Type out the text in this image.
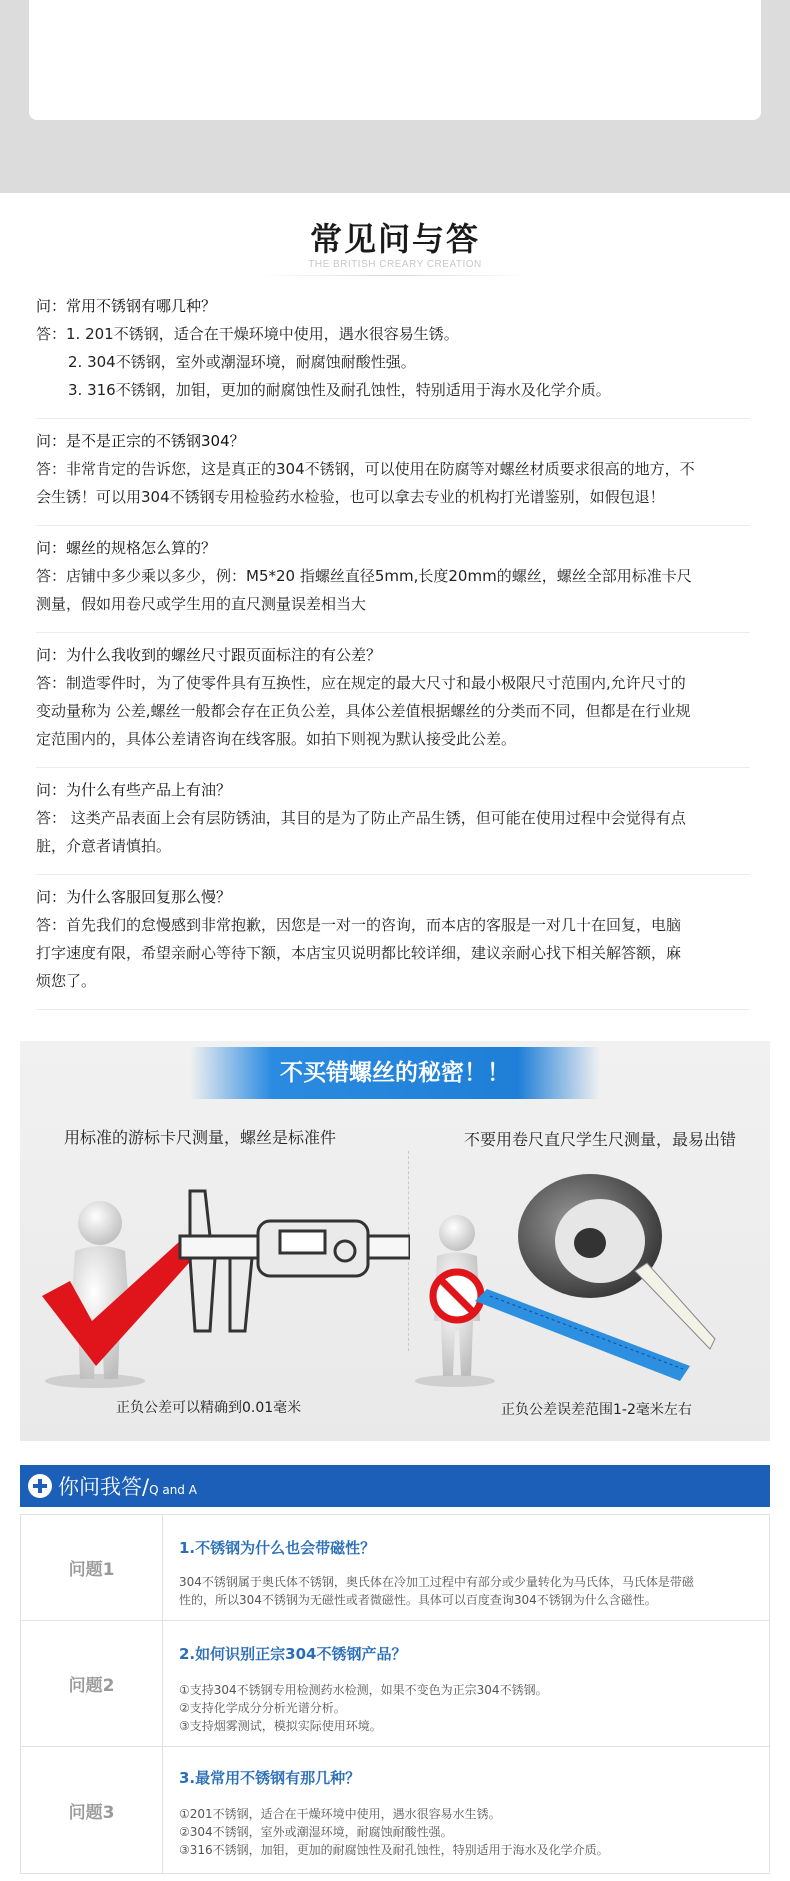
常见问与答
THE BRITISH CREARY CREATION

问：常用不锈钢有哪几种？

答：1. 201不锈钢，适合在干燥环境中使用，遇水很容易生锈。

2. 304不锈钢，室外或潮湿环境，耐腐蚀耐酸性强。

3. 316不锈钢，加钼，更加的耐腐蚀性及耐孔蚀性，特别适用于海水及化学介质。

问：是不是正宗的不锈钢304？

答：非常肯定的告诉您，这是真正的304不锈钢，可以使用在防腐等对螺丝材质要求很高的地方，不

会生锈！可以用304不锈钢专用检验药水检验，也可以拿去专业的机构打光谱鉴别，如假包退！

问：螺丝的规格怎么算的？

答：店铺中多少乘以多少，例：M5*20 指螺丝直径5mm,长度20mm的螺丝，螺丝全部用标准卡尺

测量，假如用卷尺或学生用的直尺测量误差相当大

问：为什么我收到的螺丝尺寸跟页面标注的有公差？

答：制造零件时，为了使零件具有互换性，应在规定的最大尺寸和最小极限尺寸范围内,允许尺寸的

变动量称为 公差,螺丝一般都会存在正负公差，具体公差值根据螺丝的分类而不同，但都是在行业规

定范围内的，具体公差请咨询在线客服。如拍下则视为默认接受此公差。

问：为什么有些产品上有油？

答： 这类产品表面上会有层防锈油，其目的是为了防止产品生锈，但可能在使用过程中会觉得有点

脏，介意者请慎拍。

问：为什么客服回复那么慢？

答：首先我们的怠慢感到非常抱歉，因您是一对一的咨询，而本店的客服是一对几十在回复，电脑

打字速度有限，希望亲耐心等待下额，本店宝贝说明都比较详细，建议亲耐心找下相关解答额，麻

烦您了。

不买错螺丝的秘密！！
用标准的游标卡尺测量，螺丝是标准件	不要用卷尺直尺学生尺测量，最易出错
正负公差可以精确到0.01毫米	正负公差误差范围1-2毫米左右
你问我答/Q and A
问题1
1.不锈钢为什么也会带磁性？
304不锈钢属于奥氏体不锈钢，奥氏体在冷加工过程中有部分或少量转化为马氏体，马氏体是带磁
性的，所以304不锈钢为无磁性或者微磁性。具体可以百度查询304不锈钢为什么含磁性。
问题2
2.如何识别正宗304不锈钢产品？
①支持304不锈钢专用检测药水检测，如果不变色为正宗304不锈钢。
②支持化学成分分析光谱分析。
③支持烟雾测试，模拟实际使用环境。
问题3
3.最常用不锈钢有那几种？
①201不锈钢，适合在干燥环境中使用，遇水很容易水生锈。
②304不锈钢，室外或潮湿环境，耐腐蚀耐酸性强。
③316不锈钢，加钼，更加的耐腐蚀性及耐孔蚀性，特别适用于海水及化学介质。
